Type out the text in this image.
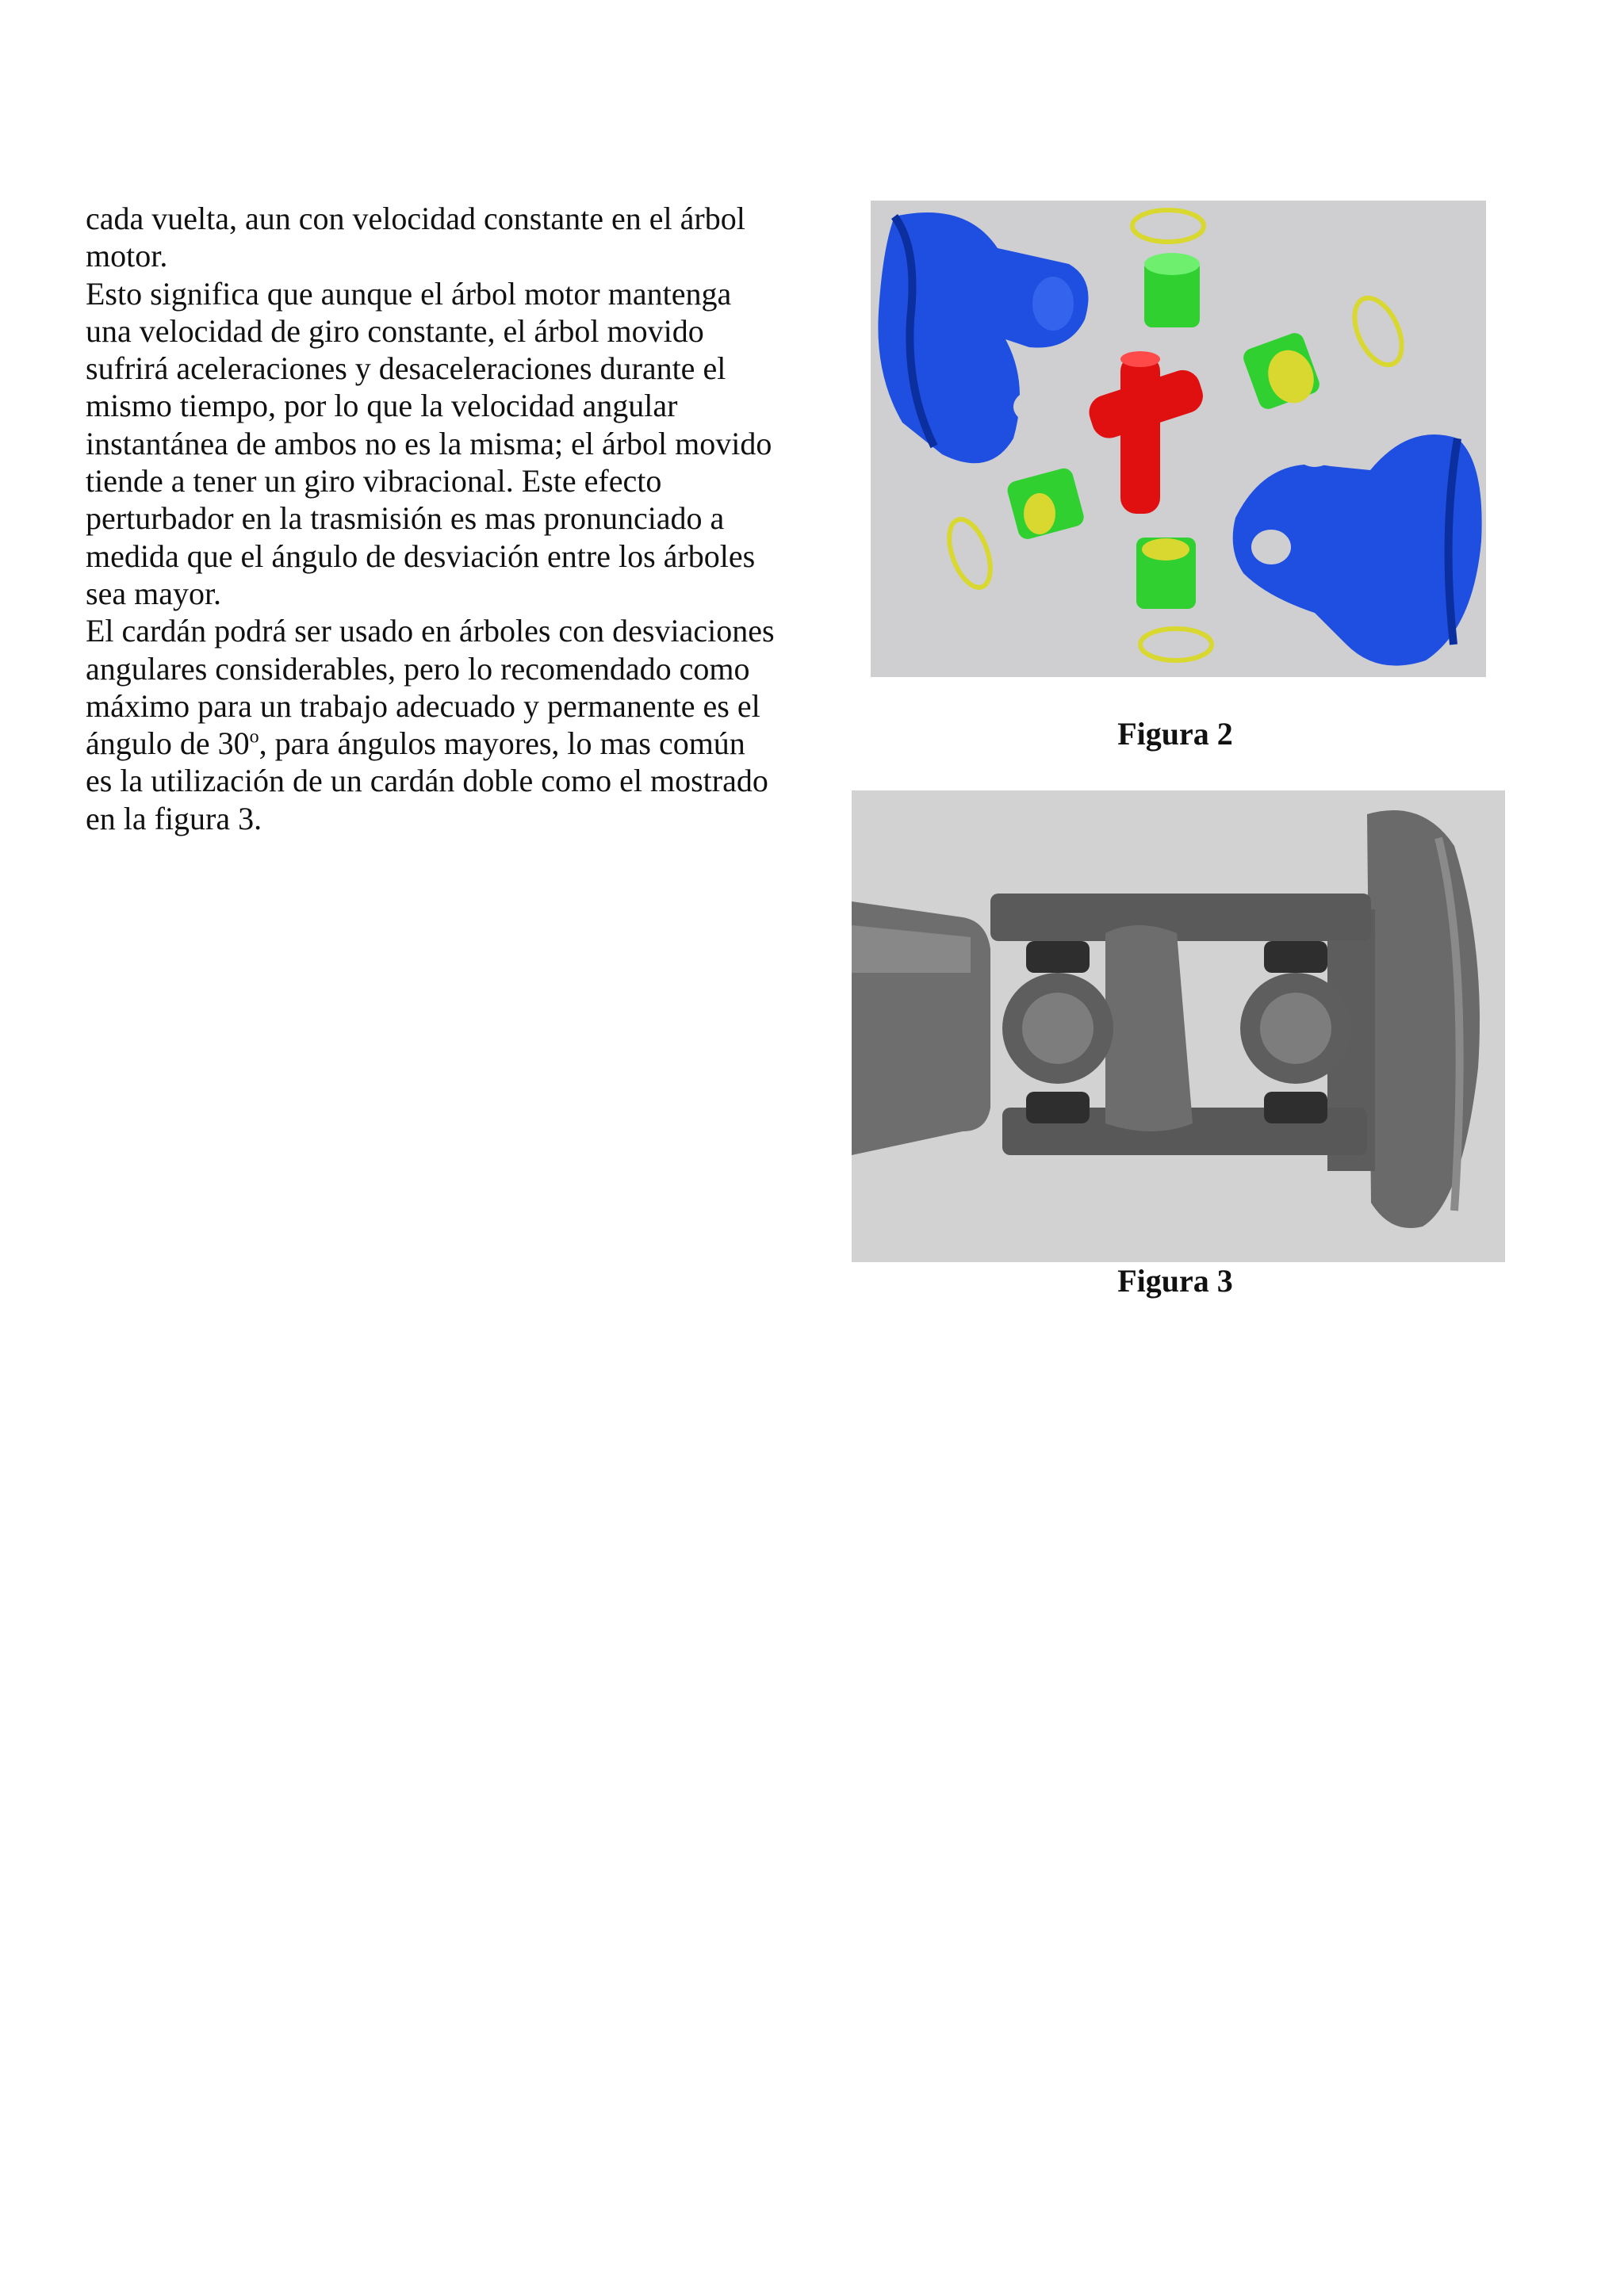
cada vuelta, aun con velocidad constante en el árbol
motor.
Esto significa que aunque el árbol motor mantenga
una velocidad de giro constante, el árbol movido
sufrirá aceleraciones y desaceleraciones durante el
mismo tiempo, por lo que la velocidad angular
instantánea de ambos no es la misma; el árbol movido
tiende a tener un giro vibracional. Este efecto
perturbador en la trasmisión es mas pronunciado a
medida que el ángulo de desviación entre los árboles
sea mayor.
El cardán podrá ser usado en árboles con desviaciones
angulares considerables, pero lo recomendado como
máximo para un trabajo adecuado y permanente es el
ángulo de 30$^o$, para ángulos mayores, lo mas común
es la utilización de un cardán doble como el mostrado
en la figura 3.
Figura 2
Figura 3
